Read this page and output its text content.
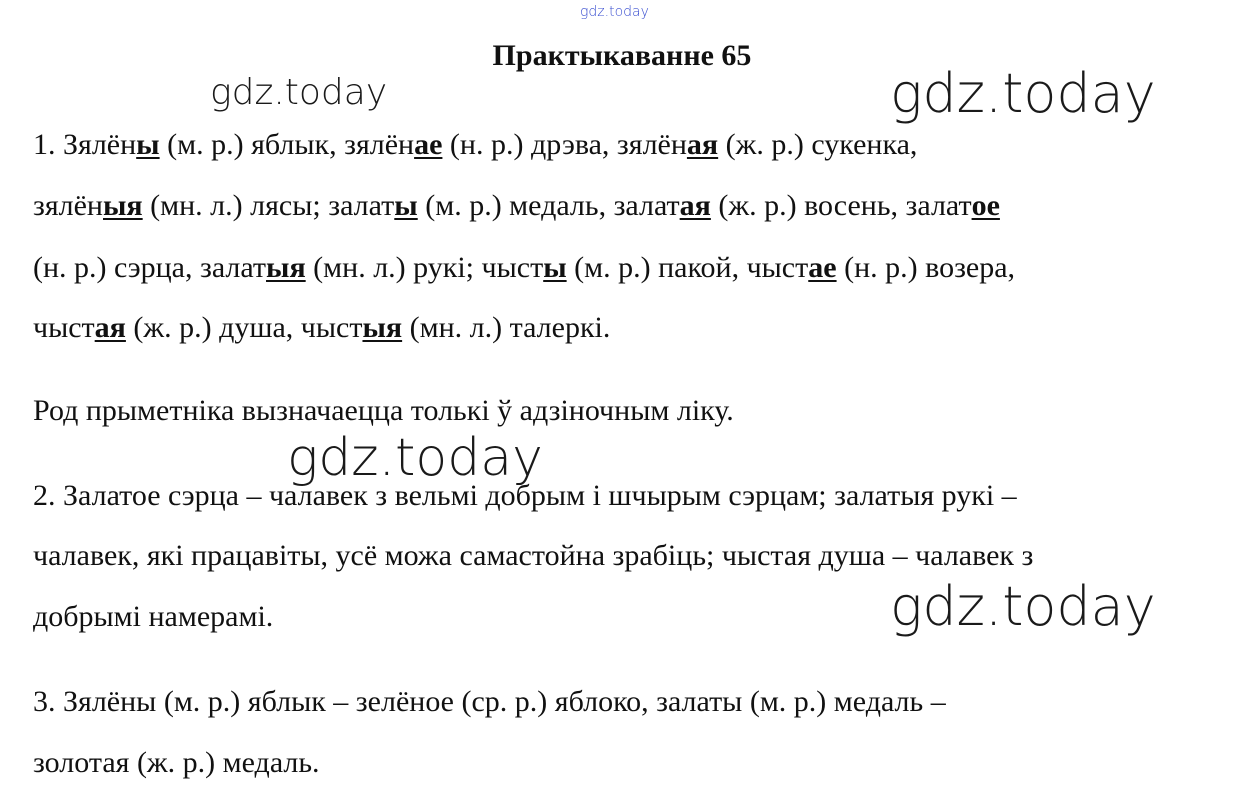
gdz.today
gdz.today	gdz.today
gdz.today
gdz.today
Практыкаванне 65
1. Зялёны (м. р.) яблык, зялёнае (н. р.) дрэва, зялёная (ж. р.) сукенка,
зялёныя (мн. л.) лясы; залаты (м. р.) медаль, залатая (ж. р.) восень, залатое
(н. р.) сэрца, залатыя (мн. л.) рукі; чысты (м. р.) пакой, чыстае (н. р.) возера,
чыстая (ж. р.) душа, чыстыя (мн. л.) талеркі.
Род прыметніка вызначаецца толькі ў адзіночным ліку.
2. Залатое сэрца – чалавек з вельмі добрым і шчырым сэрцам; залатыя рукі –
чалавек, які працавіты, усё можа самастойна зрабіць; чыстая душа – чалавек з
добрымі намерамі.
3. Зялёны (м. р.) яблык – зелёное (ср. р.) яблоко, залаты (м. р.) медаль –
золотая (ж. р.) медаль.
